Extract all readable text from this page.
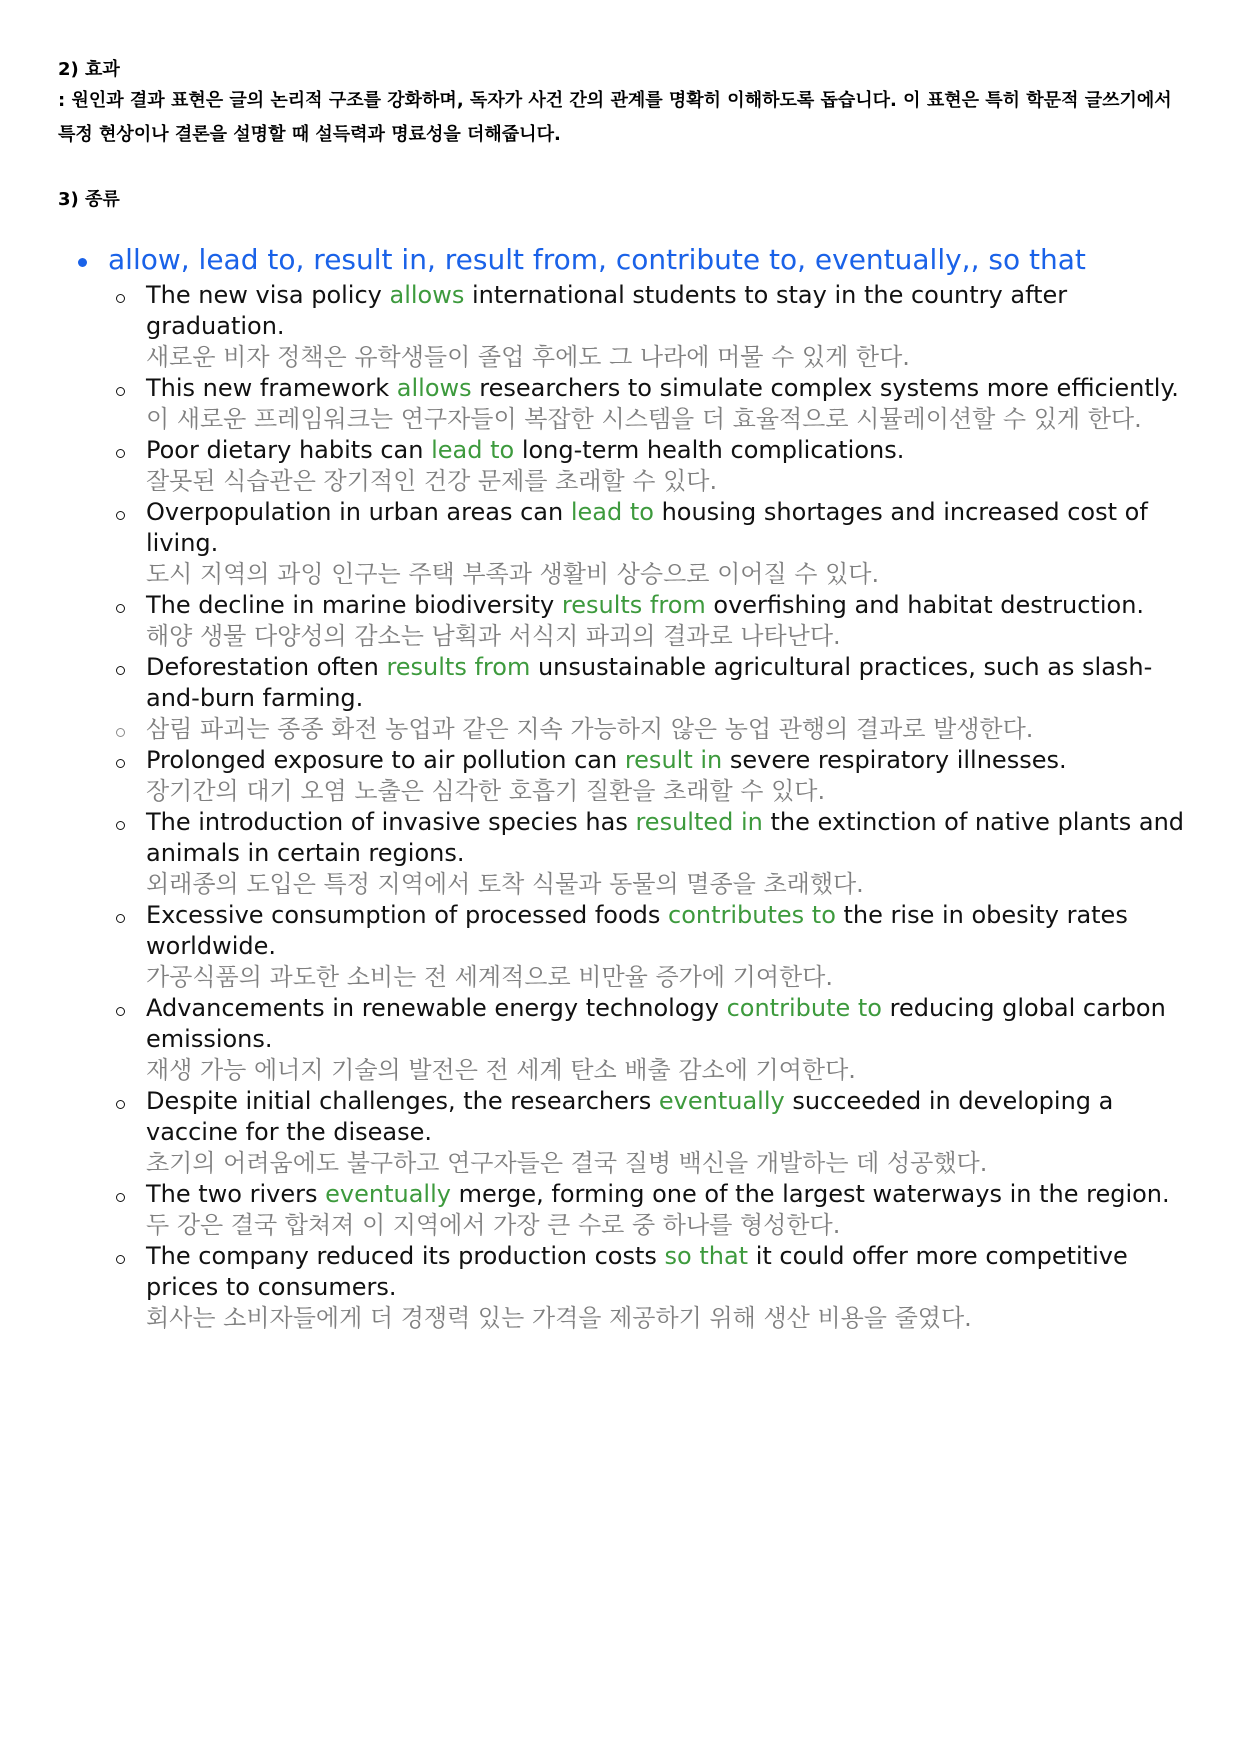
2) 효과

: 원인과 결과 표현은 글의 논리적 구조를 강화하며, 독자가 사건 간의 관계를 명확히 이해하도록 돕습니다. 이 표현은 특히 학문적 글쓰기에서 특정 현상이나 결론을 설명할 때 설득력과 명료성을 더해줍니다.

3) 종류

allow, lead to, result in, result from, contribute to, eventually,, so that
The new visa policy allows international students to stay in the country after graduation.
새로운 비자 정책은 유학생들이 졸업 후에도 그 나라에 머물 수 있게 한다.
This new framework allows researchers to simulate complex systems more efficiently.
이 새로운 프레임워크는 연구자들이 복잡한 시스템을 더 효율적으로 시뮬레이션할 수 있게 한다.
Poor dietary habits can lead to long-term health complications.
잘못된 식습관은 장기적인 건강 문제를 초래할 수 있다.
Overpopulation in urban areas can lead to housing shortages and increased cost of living.
도시 지역의 과잉 인구는 주택 부족과 생활비 상승으로 이어질 수 있다.
The decline in marine biodiversity results from overfishing and habitat destruction.
해양 생물 다양성의 감소는 남획과 서식지 파괴의 결과로 나타난다.
Deforestation often results from unsustainable agricultural practices, such as slash-and-burn farming.
삼림 파괴는 종종 화전 농업과 같은 지속 가능하지 않은 농업 관행의 결과로 발생한다.
Prolonged exposure to air pollution can result in severe respiratory illnesses.
장기간의 대기 오염 노출은 심각한 호흡기 질환을 초래할 수 있다.
The introduction of invasive species has resulted in the extinction of native plants and animals in certain regions.
외래종의 도입은 특정 지역에서 토착 식물과 동물의 멸종을 초래했다.
Excessive consumption of processed foods contributes to the rise in obesity rates worldwide.
가공식품의 과도한 소비는 전 세계적으로 비만율 증가에 기여한다.
Advancements in renewable energy technology contribute to reducing global carbon emissions.
재생 가능 에너지 기술의 발전은 전 세계 탄소 배출 감소에 기여한다.
Despite initial challenges, the researchers eventually succeeded in developing a vaccine for the disease.
초기의 어려움에도 불구하고 연구자들은 결국 질병 백신을 개발하는 데 성공했다.
The two rivers eventually merge, forming one of the largest waterways in the region.
두 강은 결국 합쳐져 이 지역에서 가장 큰 수로 중 하나를 형성한다.
The company reduced its production costs so that it could offer more competitive prices to consumers.
회사는 소비자들에게 더 경쟁력 있는 가격을 제공하기 위해 생산 비용을 줄였다.
